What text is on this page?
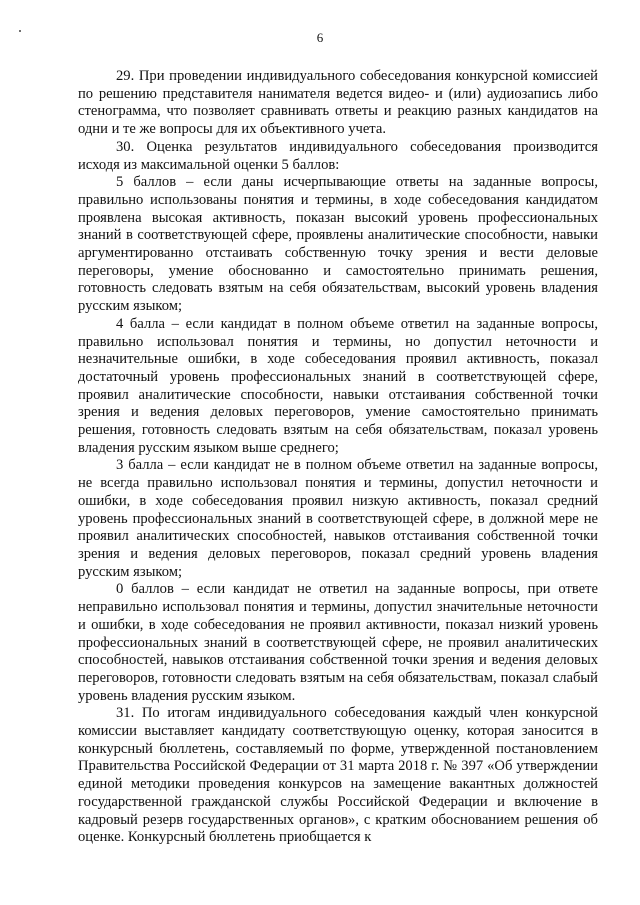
6

29. При проведении индивидуального собеседования конкурсной комиссией по решению представителя нанимателя ведется видео- и (или) аудиозапись либо стенограмма, что позволяет сравнивать ответы и реакцию разных кандидатов на одни и те же вопросы для их объективного учета.

30. Оценка результатов индивидуального собеседования производится исходя из максимальной оценки 5 баллов:

5 баллов – если даны исчерпывающие ответы на заданные вопросы, правильно использованы понятия и термины, в ходе собеседования кандидатом проявлена высокая активность, показан высокий уровень профессиональных знаний в соответствующей сфере, проявлены аналитические способности, навыки аргументированно отстаивать собственную точку зрения и вести деловые переговоры, умение обоснованно и самостоятельно принимать решения, готовность следовать взятым на себя обязательствам, высокий уровень владения русским языком;

4 балла – если кандидат в полном объеме ответил на заданные вопросы, правильно использовал понятия и термины, но допустил неточности и незначительные ошибки, в ходе собеседования проявил активность, показал достаточный уровень профессиональных знаний в соответствующей сфере, проявил аналитические способности, навыки отстаивания собственной точки зрения и ведения деловых переговоров, умение самостоятельно принимать решения, готовность следовать взятым на себя обязательствам, показал уровень владения русским языком выше среднего;

3 балла – если кандидат не в полном объеме ответил на заданные вопросы, не всегда правильно использовал понятия и термины, допустил неточности и ошибки, в ходе собеседования проявил низкую активность, показал средний уровень профессиональных знаний в соответствующей сфере, в должной мере не проявил аналитических способностей, навыков отстаивания собственной точки зрения и ведения деловых переговоров, показал средний уровень владения русским языком;

0 баллов – если кандидат не ответил на заданные вопросы, при ответе неправильно использовал понятия и термины, допустил значительные неточности и ошибки, в ходе собеседования не проявил активности, показал низкий уровень профессиональных знаний в соответствующей сфере, не проявил аналитических способностей, навыков отстаивания собственной точки зрения и ведения деловых переговоров, готовности следовать взятым на себя обязательствам, показал слабый уровень владения русским языком.

31. По итогам индивидуального собеседования каждый член конкурсной комиссии выставляет кандидату соответствующую оценку, которая заносится в конкурсный бюллетень, составляемый по форме, утвержденной постановлением Правительства Российской Федерации от 31 марта 2018 г. № 397 «Об утверждении единой методики проведения конкурсов на замещение вакантных должностей государственной гражданской службы Российской Федерации и включение в кадровый резерв государственных органов», с кратким обоснованием решения об оценке. Конкурсный бюллетень приобщается к
